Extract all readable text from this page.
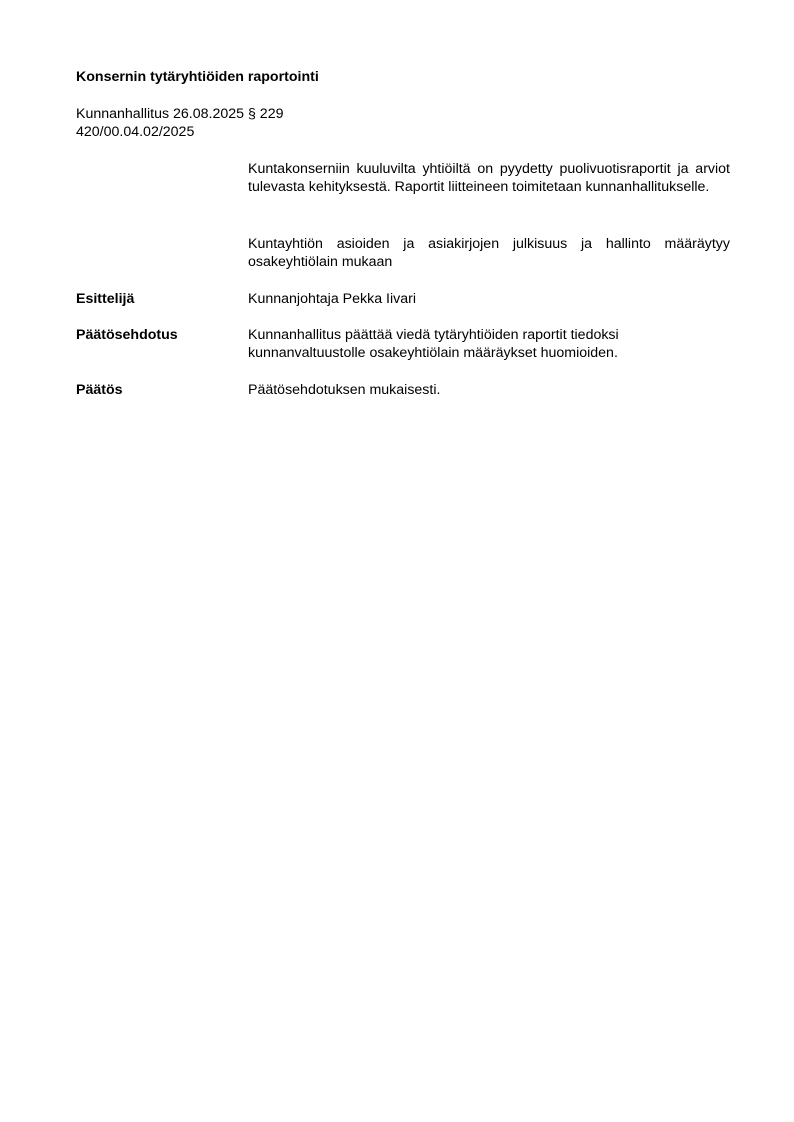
Konsernin tytäryhtiöiden raportointi
Kunnanhallitus 26.08.2025 § 229
420/00.04.02/2025

Kuntakonserniin kuuluvilta yhtiöiltä on pyydetty puolivuotisraportit ja arviot tulevasta kehityksestä. Raportit liitteineen toimitetaan kunnanhallitukselle.

Kuntayhtiön asioiden ja asiakirjojen julkisuus ja hallinto määräytyy osakeyhtiölain mukaan

Esittelijä	Kunnanjohtaja Pekka Iivari
Päätösehdotus	Kunnanhallitus päättää viedä tytäryhtiöiden raportit tiedoksi kunnanvaltuustolle osakeyhtiölain määräykset huomioiden.
Päätös	Päätösehdotuksen mukaisesti.
